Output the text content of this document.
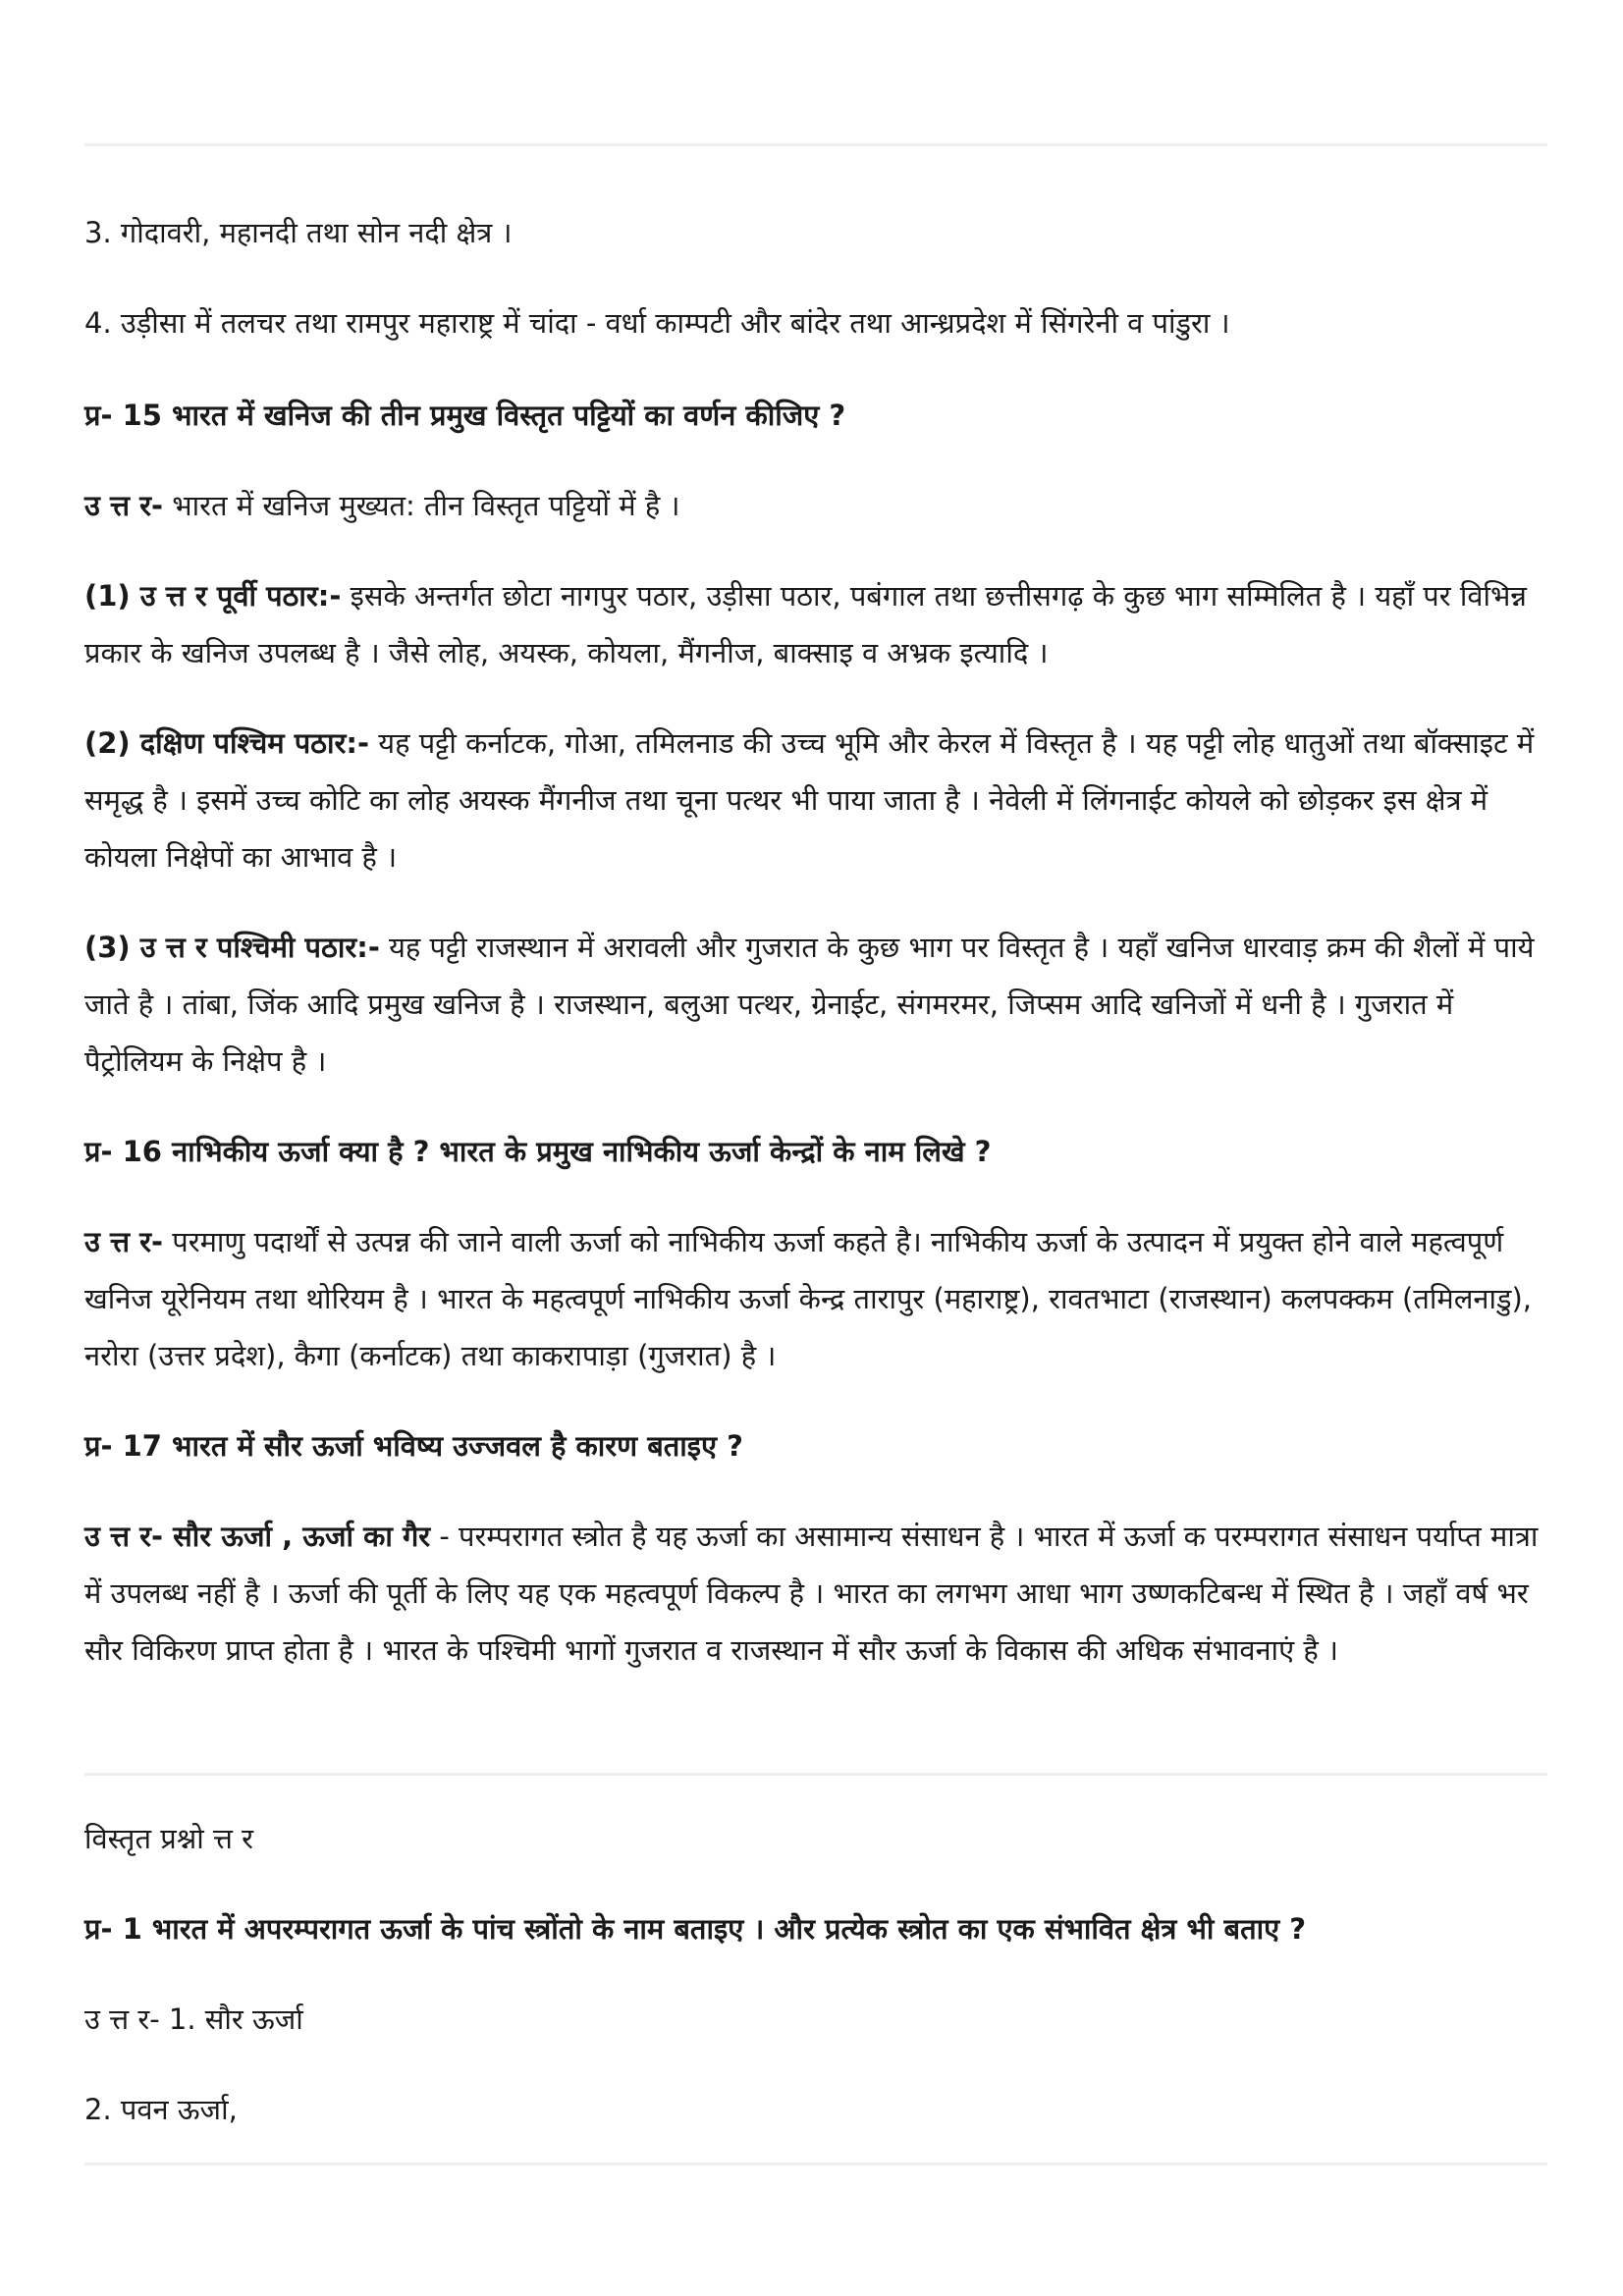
3. गोदावरी, महानदी तथा सोन नदी क्षेत्र ।

4. उड़ीसा में तलचर तथा रामपुर महाराष्ट्र में चांदा - वर्धा काम्पटी और बांदेर तथा आन्ध्रप्रदेश में सिंगरेनी व पांडुरा ।

प्र- 15 भारत में खनिज की तीन प्रमुख विस्तृत पट्टियों का वर्णन कीजिए ?

उ त्त र- भारत में खनिज मुख्यत: तीन विस्तृत पट्टियों में है ।

(1) उ त्त र पूर्वी पठार:- इसके अन्तर्गत छोटा नागपुर पठार, उड़ीसा पठार, पबंगाल तथा छत्तीसगढ़ के कुछ भाग सम्मिलित है । यहाँ पर विभिन्न प्रकार के खनिज उपलब्ध है । जैसे लोह, अयस्क, कोयला, मैंगनीज, बाक्साइ व अभ्रक इत्यादि ।

(2) दक्षिण पश्चिम पठार:- यह पट्टी कर्नाटक, गोआ, तमिलनाड की उच्च भूमि और केरल में विस्तृत है । यह पट्टी लोह धातुओं तथा बॉक्साइट में समृद्ध है । इसमें उच्च कोटि का लोह अयस्क मैंगनीज तथा चूना पत्थर भी पाया जाता है । नेवेली में लिंगनाईट कोयले को छोड़कर इस क्षेत्र में कोयला निक्षेपों का आभाव है ।

(3) उ त्त र पश्चिमी पठार:- यह पट्टी राजस्थान में अरावली और गुजरात के कुछ भाग पर विस्तृत है । यहाँ खनिज धारवाड़ क्रम की शैलों में पाये जाते है । तांबा, जिंक आदि प्रमुख खनिज है । राजस्थान, बलुआ पत्थर, ग्रेनाईट, संगमरमर, जिप्सम आदि खनिजों में धनी है । गुजरात में पैट्रोलियम के निक्षेप है ।

प्र- 16 नाभिकीय ऊर्जा क्या है ? भारत के प्रमुख नाभिकीय ऊर्जा केन्द्रों के नाम लिखे ?

उ त्त र- परमाणु पदार्थों से उत्पन्न की जाने वाली ऊर्जा को नाभिकीय ऊर्जा कहते है। नाभिकीय ऊर्जा के उत्पादन में प्रयुक्त होने वाले महत्वपूर्ण खनिज यूरेनियम तथा थोरियम है । भारत के महत्वपूर्ण नाभिकीय ऊर्जा केन्द्र तारापुर (महाराष्ट्र), रावतभाटा (राजस्थान) कलपक्कम (तमिलनाडु), नरोरा (उत्तर प्रदेश), कैगा (कर्नाटक) तथा काकरापाड़ा (गुजरात) है ।

प्र- 17 भारत में सौर ऊर्जा भविष्य उज्जवल है कारण बताइए ?

उ त्त र- सौर ऊर्जा , ऊर्जा का गैर - परम्परागत स्त्रोत है यह ऊर्जा का असामान्य संसाधन है । भारत में ऊर्जा क परम्परागत संसाधन पर्याप्त मात्रा में उपलब्ध नहीं है । ऊर्जा की पूर्ती के लिए यह एक महत्वपूर्ण विकल्प है । भारत का लगभग आधा भाग उष्णकटिबन्ध में स्थित है । जहाँ वर्ष भर सौर विकिरण प्राप्त होता है । भारत के पश्चिमी भागों गुजरात व राजस्थान में सौर ऊर्जा के विकास की अधिक संभावनाएं है ।

विस्तृत प्रश्नो त्त र

प्र- 1 भारत में अपरम्परागत ऊर्जा के पांच स्त्रोंतो के नाम बताइए । और प्रत्येक स्त्रोत का एक संभावित क्षेत्र भी बताए ?

उ त्त र- 1. सौर ऊर्जा

2. पवन ऊर्जा,
